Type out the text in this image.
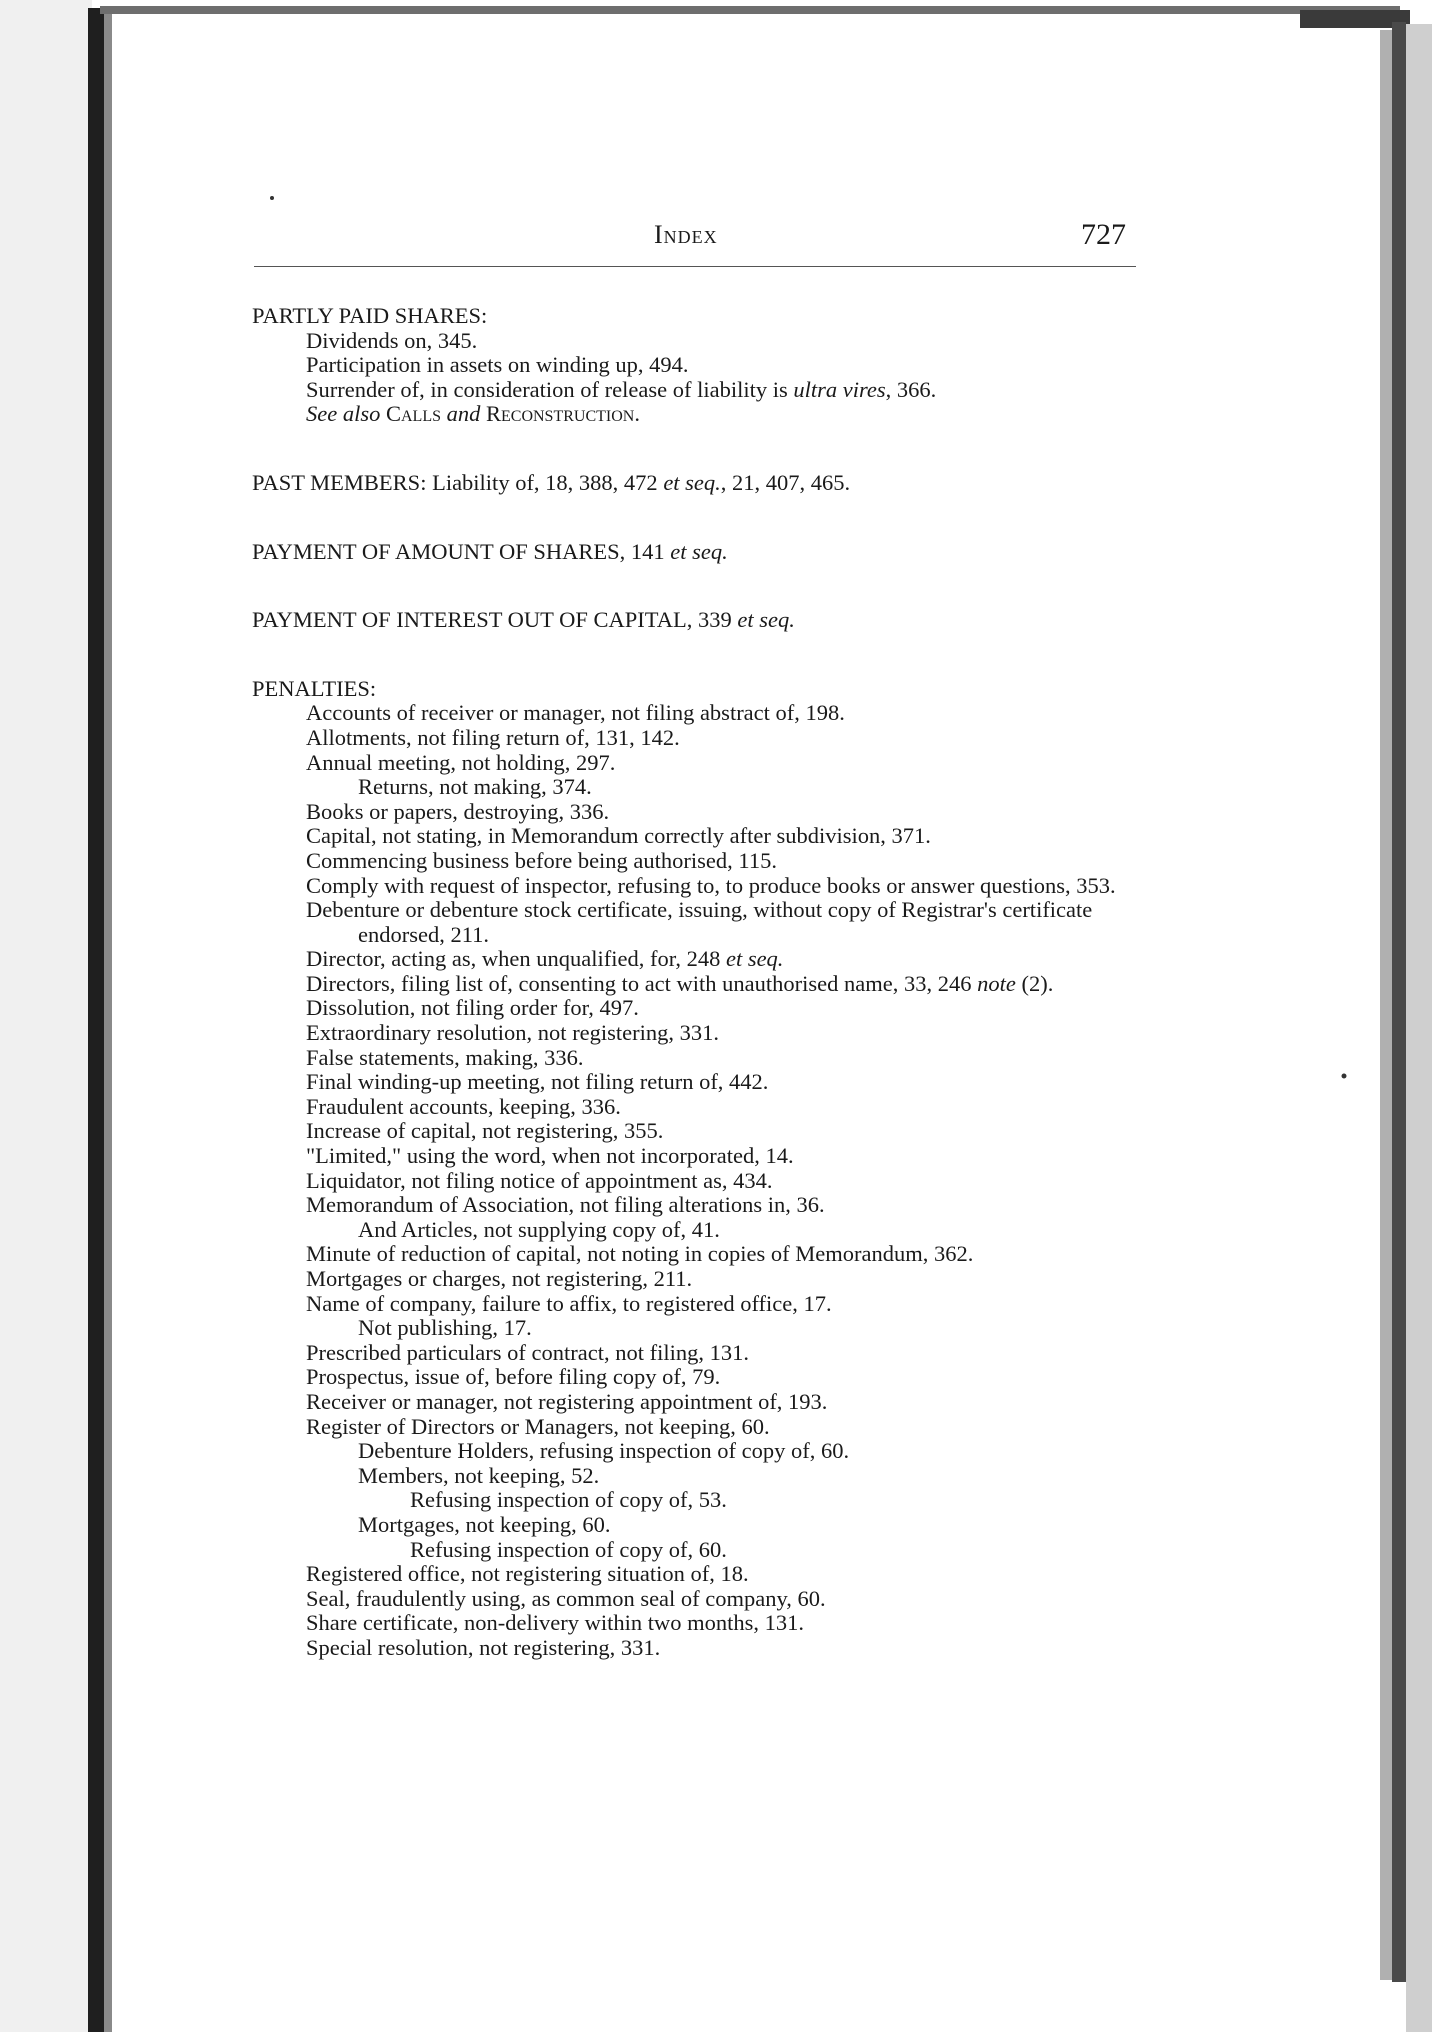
Index	727
PARTLY PAID SHARES:
Dividends on, 345.
Participation in assets on winding up, 494.
Surrender of, in consideration of release of liability is ultra vires, 366.
See also Calls and Reconstruction.
PAST MEMBERS: Liability of, 18, 388, 472 et seq., 21, 407, 465.
PAYMENT OF AMOUNT OF SHARES, 141 et seq.
PAYMENT OF INTEREST OUT OF CAPITAL, 339 et seq.
PENALTIES:
Accounts of receiver or manager, not filing abstract of, 198.
Allotments, not filing return of, 131, 142.
Annual meeting, not holding, 297.
Returns, not making, 374.
Books or papers, destroying, 336.
Capital, not stating, in Memorandum correctly after subdivision, 371.
Commencing business before being authorised, 115.
Comply with request of inspector, refusing to, to produce books or answer questions, 353.
Debenture or debenture stock certificate, issuing, without copy of Registrar's certificate endorsed, 211.
Director, acting as, when unqualified, for, 248 et seq.
Directors, filing list of, consenting to act with unauthorised name, 33, 246 note (2).
Dissolution, not filing order for, 497.
Extraordinary resolution, not registering, 331.
False statements, making, 336.
Final winding-up meeting, not filing return of, 442.
Fraudulent accounts, keeping, 336.
Increase of capital, not registering, 355.
"Limited," using the word, when not incorporated, 14.
Liquidator, not filing notice of appointment as, 434.
Memorandum of Association, not filing alterations in, 36.
And Articles, not supplying copy of, 41.
Minute of reduction of capital, not noting in copies of Memorandum, 362.
Mortgages or charges, not registering, 211.
Name of company, failure to affix, to registered office, 17.
Not publishing, 17.
Prescribed particulars of contract, not filing, 131.
Prospectus, issue of, before filing copy of, 79.
Receiver or manager, not registering appointment of, 193.
Register of Directors or Managers, not keeping, 60.
Debenture Holders, refusing inspection of copy of, 60.
Members, not keeping, 52.
Refusing inspection of copy of, 53.
Mortgages, not keeping, 60.
Refusing inspection of copy of, 60.
Registered office, not registering situation of, 18.
Seal, fraudulently using, as common seal of company, 60.
Share certificate, non-delivery within two months, 131.
Special resolution, not registering, 331.
